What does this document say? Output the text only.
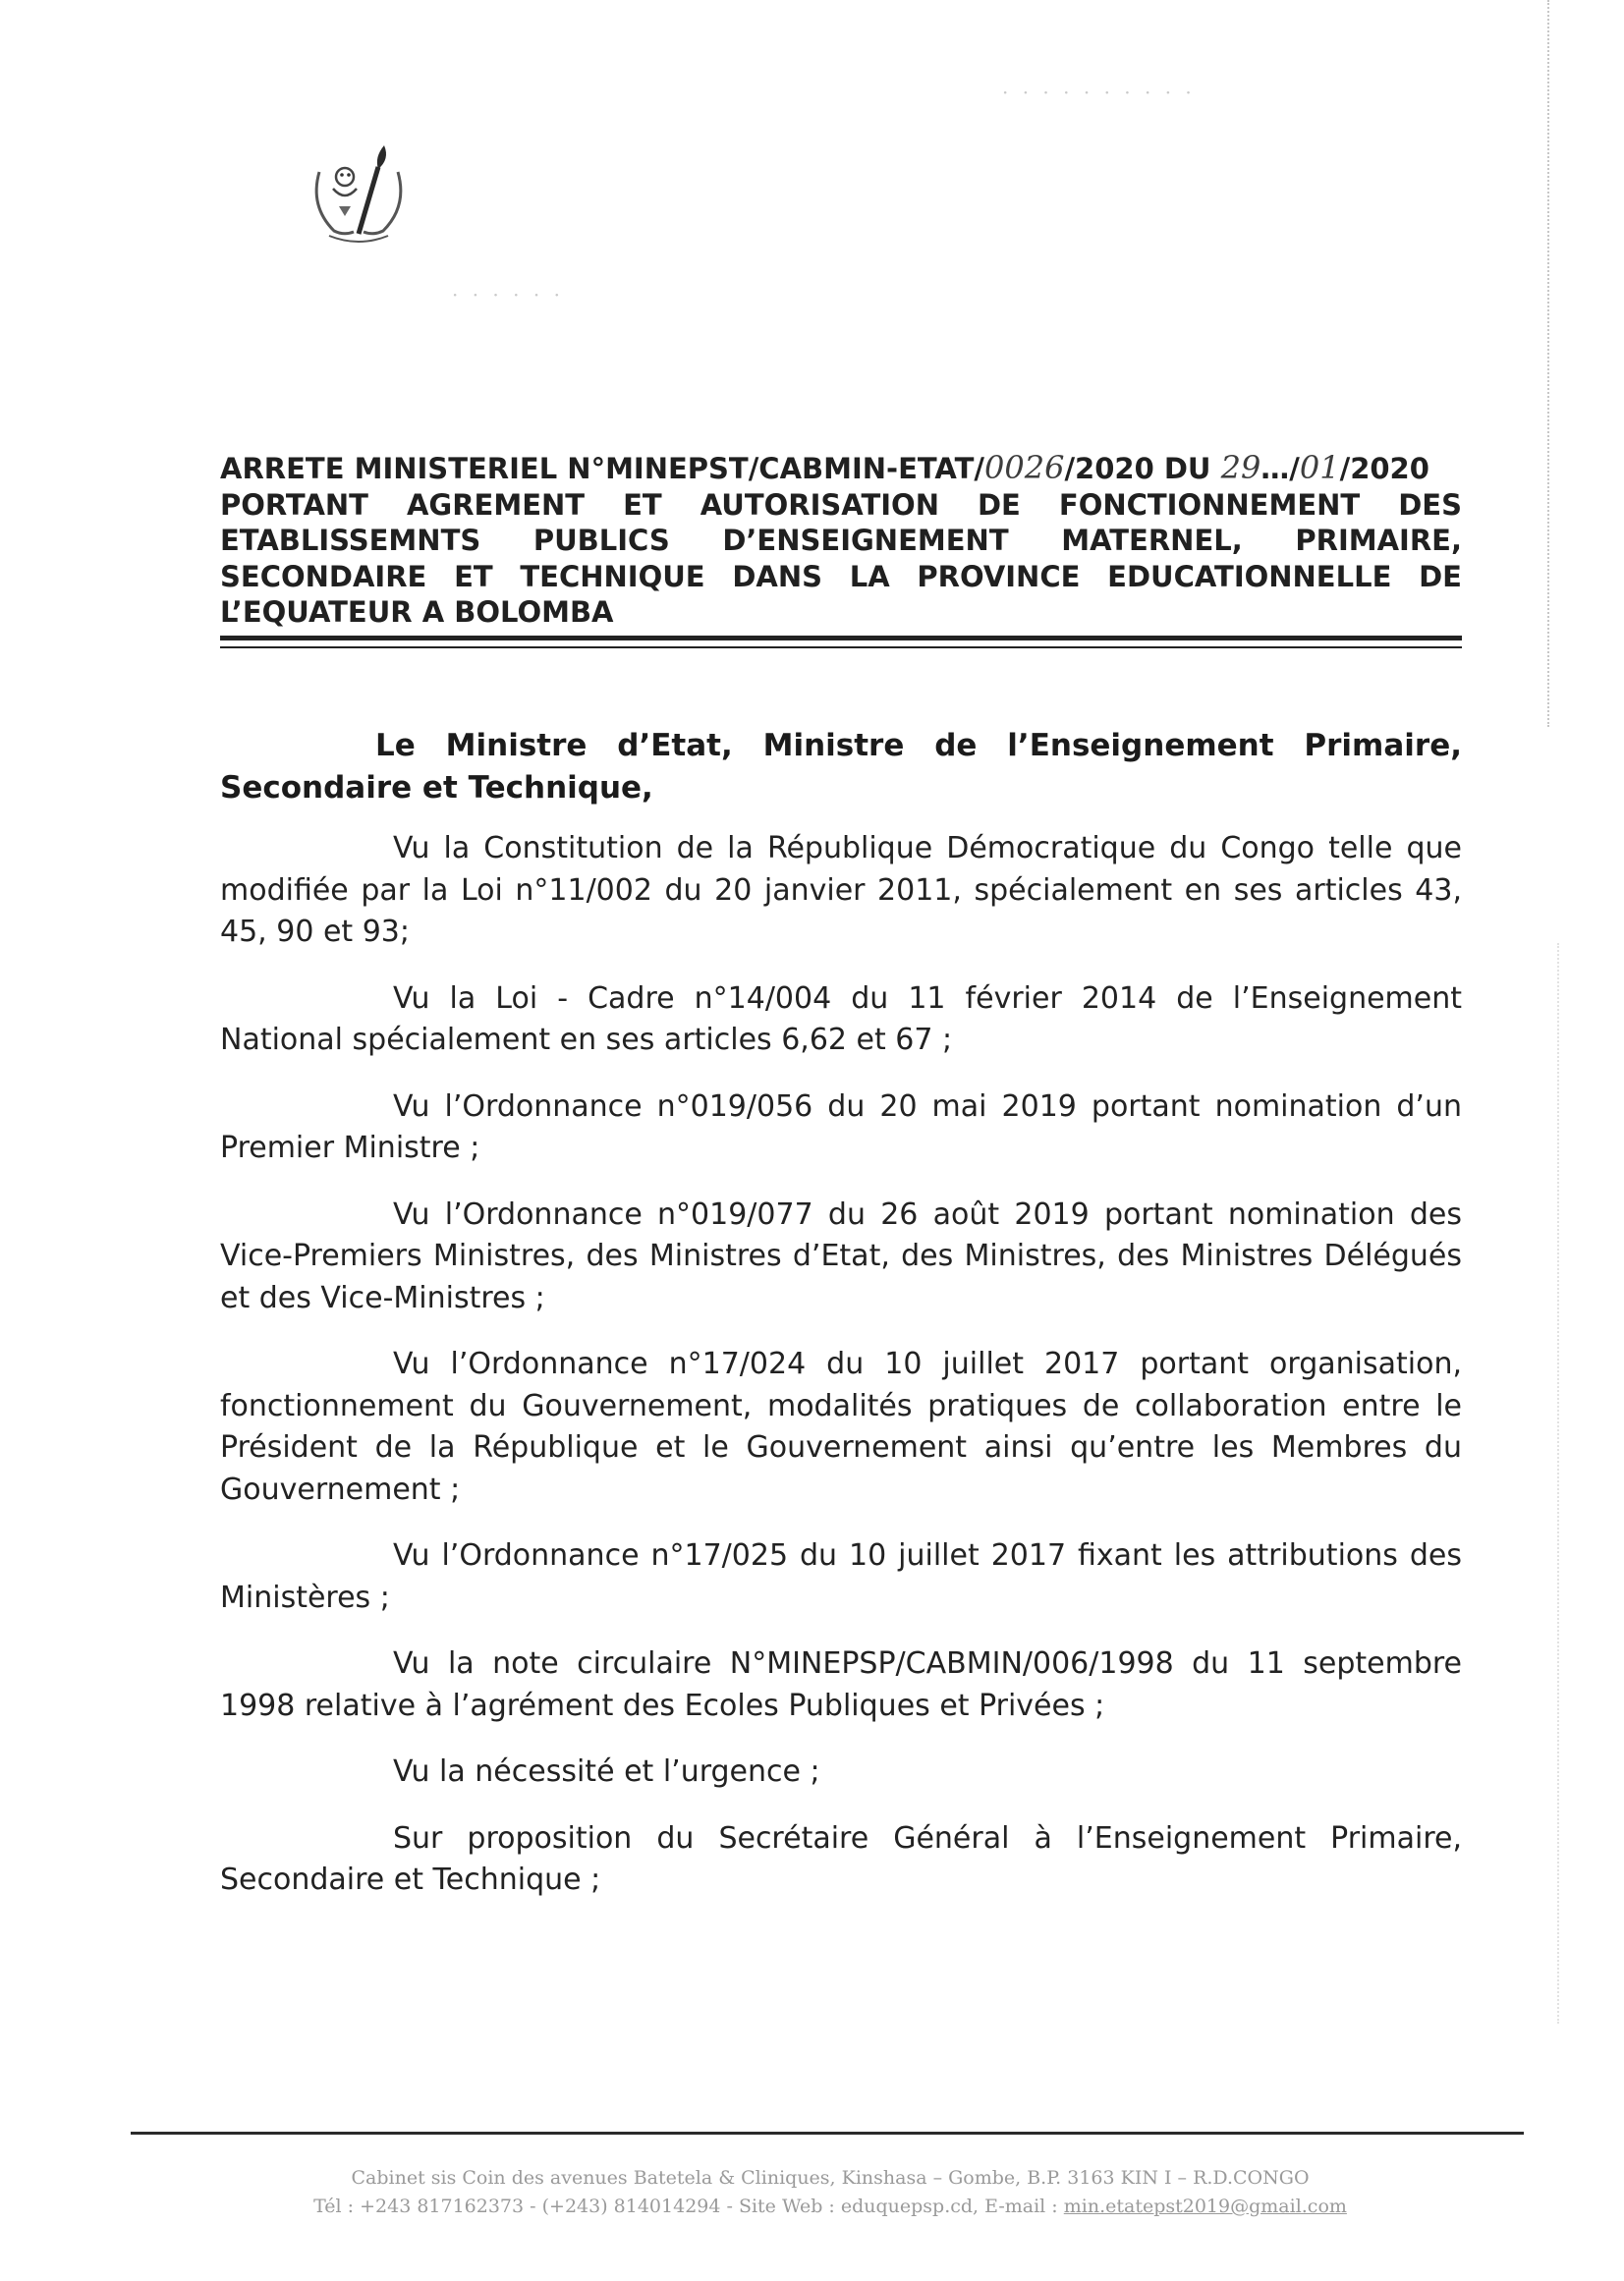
· · · · · · · · · ·
· · · · · ·
ARRETE MINISTERIEL N°MINEPST/CABMIN-ETAT/0026/2020 DU 29…/01/2020
PORTANT AGREMENT ET AUTORISATION DE FONCTIONNEMENT DES
ETABLISSEMNTS PUBLICS D’ENSEIGNEMENT MATERNEL, PRIMAIRE,
SECONDAIRE ET TECHNIQUE DANS LA PROVINCE EDUCATIONNELLE DE
L’EQUATEUR A BOLOMBA
Le Ministre d’Etat, Ministre de l’Enseignement Primaire,
Secondaire et Technique,

Vu la Constitution de la République Démocratique du Congo telle que modifiée par la Loi n°11/002 du 20 janvier 2011, spécialement en ses articles 43, 45, 90 et 93;

Vu la Loi - Cadre n°14/004 du 11 février 2014 de l’Enseignement National spécialement en ses articles 6,62 et 67 ;

Vu l’Ordonnance n°019/056 du 20 mai 2019 portant nomination d’un Premier Ministre ;

Vu l’Ordonnance n°019/077 du 26 août 2019 portant nomination des Vice-Premiers Ministres, des Ministres d’Etat, des Ministres, des Ministres Délégués et des Vice-Ministres ;

Vu l’Ordonnance n°17/024 du 10 juillet 2017 portant organisation, fonctionnement du Gouvernement, modalités pratiques de collaboration entre le Président de la République et le Gouvernement ainsi qu’entre les Membres du Gouvernement ;

Vu l’Ordonnance n°17/025 du 10 juillet 2017 fixant les attributions des Ministères ;

Vu la note circulaire N°MINEPSP/CABMIN/006/1998 du 11 septembre 1998 relative à l’agrément des Ecoles Publiques et Privées ;

Vu la nécessité et l’urgence ;

Sur proposition du Secrétaire Général à l’Enseignement Primaire, Secondaire et Technique ;

Cabinet sis Coin des avenues Batetela & Cliniques, Kinshasa – Gombe, B.P. 3163 KIN I – R.D.CONGO
Tél : +243 817162373 - (+243) 814014294 - Site Web : eduquepsp.cd, E-mail : min.etatepst2019@gmail.com
